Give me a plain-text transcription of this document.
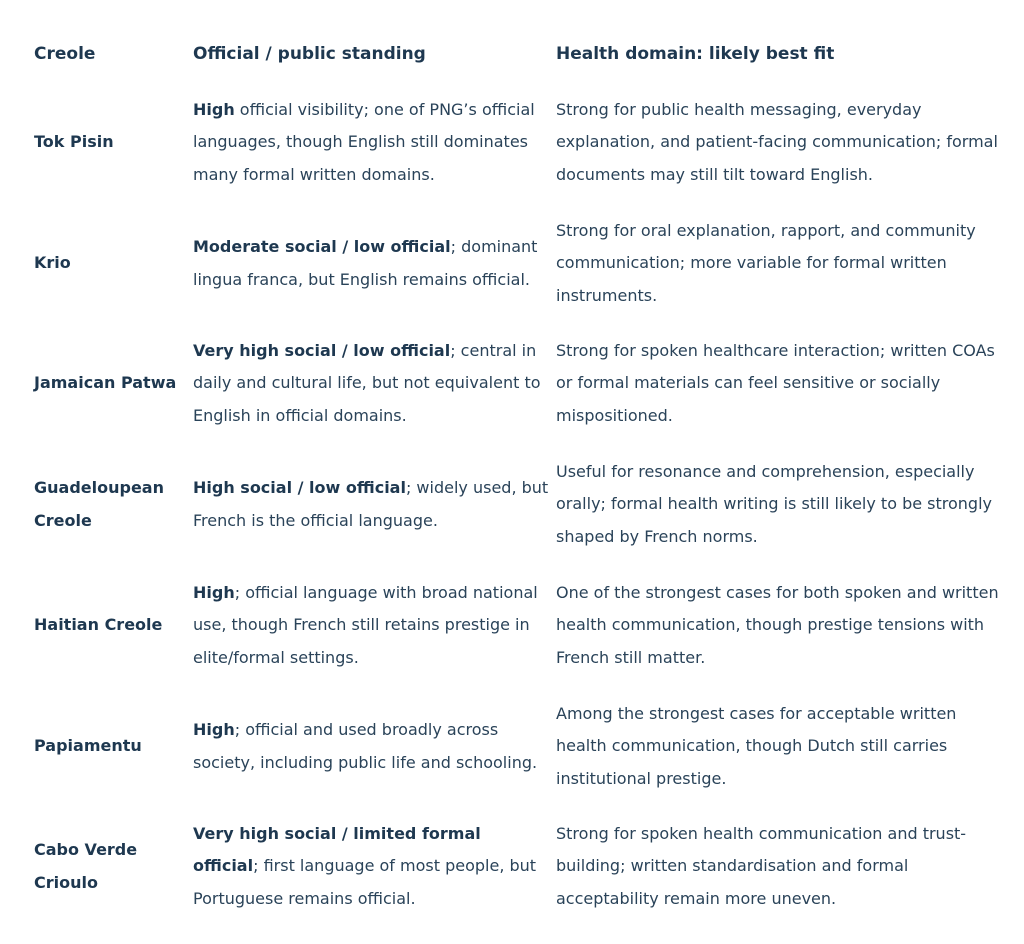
Creole	Official / public standing	Health domain: likely best fit
Tok Pisin
High official visibility; one of PNG’s official languages, though English still dominates many formal written domains.
Strong for public health messaging, everyday explanation, and patient-facing communication; formal documents may still tilt toward English.
Krio
Moderate social / low official; dominant lingua franca, but English remains official.
Strong for oral explanation, rapport, and community communication; more variable for formal written instruments.
Jamaican Patwa
Very high social / low official; central in daily and cultural life, but not equivalent to English in official domains.
Strong for spoken healthcare interaction; written COAs or formal materials can feel sensitive or socially mispositioned.
Guadeloupean Creole
High social / low official; widely used, but French is the official language.
Useful for resonance and comprehension, especially orally; formal health writing is still likely to be strongly shaped by French norms.
Haitian Creole
High; official language with broad national use, though French still retains prestige in elite/formal settings.
One of the strongest cases for both spoken and written health communication, though prestige tensions with French still matter.
Papiamentu
High; official and used broadly across society, including public life and schooling.
Among the strongest cases for acceptable written health communication, though Dutch still carries institutional prestige.
Cabo Verde Crioulo
Very high social / limited formal official; first language of most people, but Portuguese remains official.
Strong for spoken health communication and trust-building; written standardisation and formal acceptability remain more uneven.
